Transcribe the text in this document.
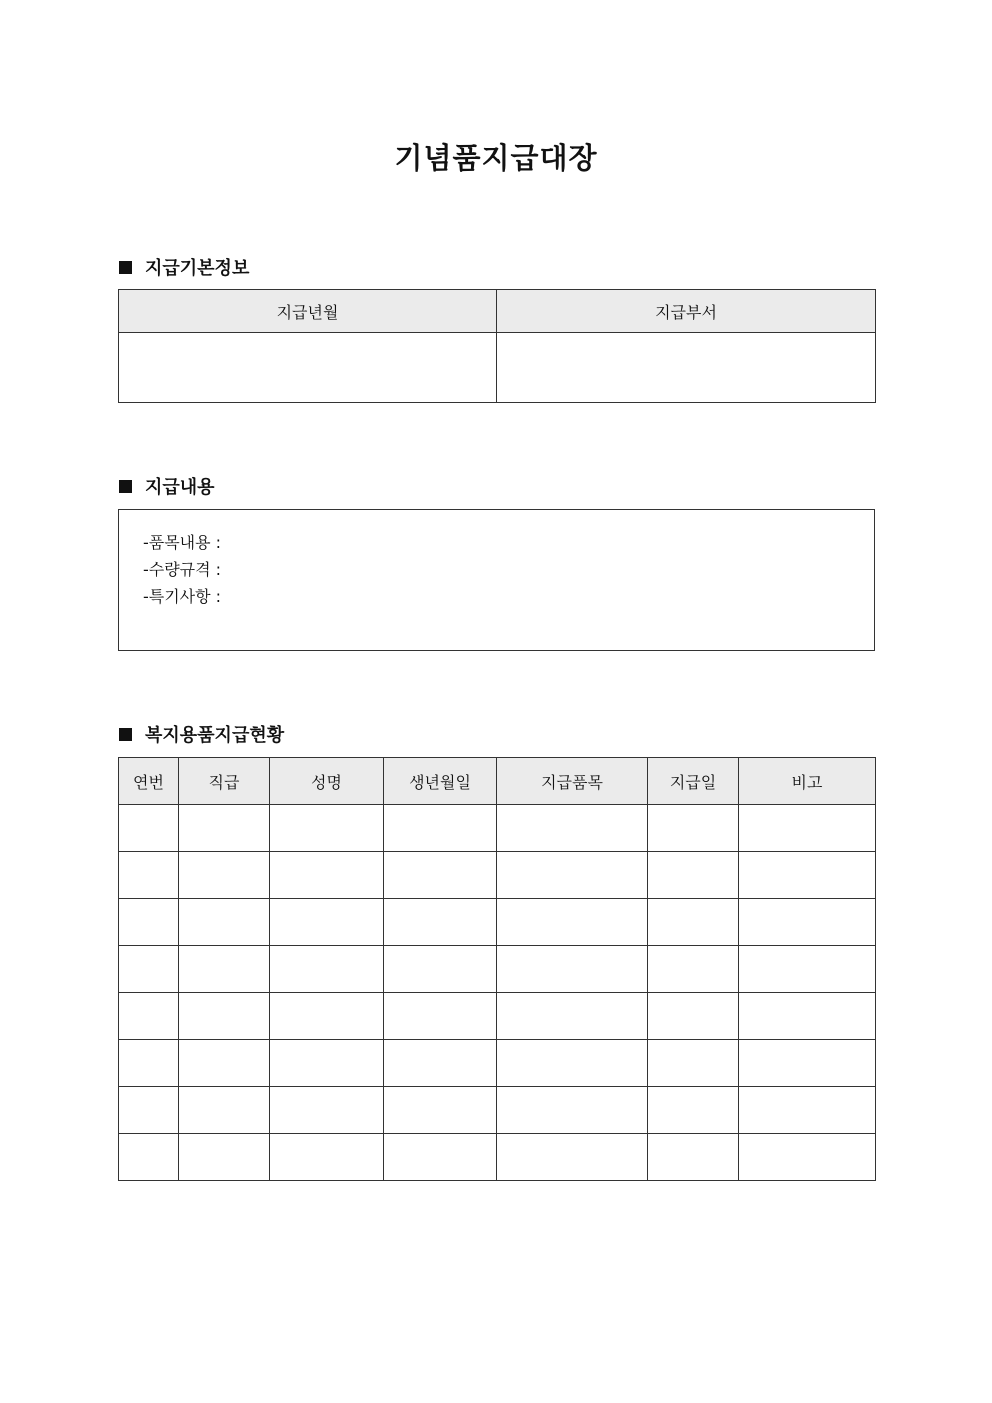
기념품지급대장
지급기본정보
지급년월	지급부서

지급내용
-품목내용 :
-수량규격 :
-특기사항 :
복지용품지급현황
연번	직급	성명	생년월일	지급품목	지급일	비고
